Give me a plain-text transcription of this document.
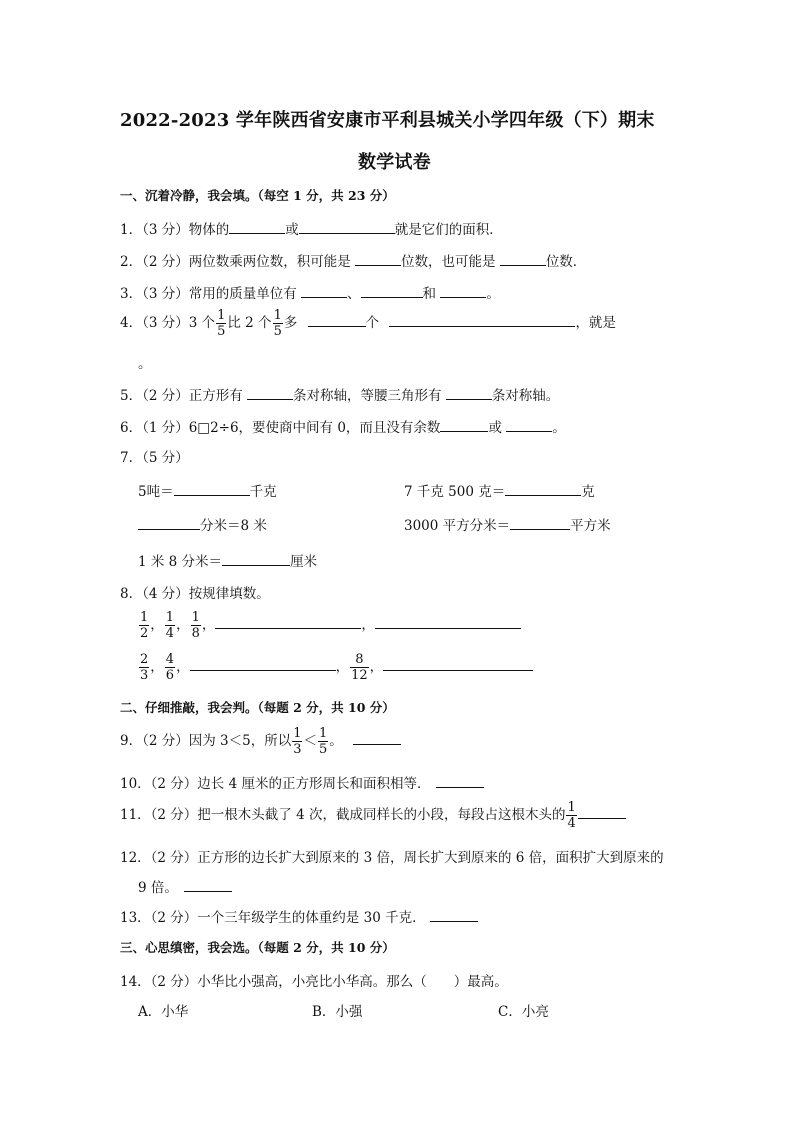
2022-2023 学年陕西省安康市平利县城关小学四年级（下）期末
数学试卷
一、沉着冷静，我会填。（每空 1 分，共 23 分）
1．（3 分）物体的	或	就是它们的面积．
2．（2 分）两位数乘两位数，积可能是	位数，也可能是	位数．
3．（3 分）常用的质量单位有	、	和	。
4．（3 分）3 个 $\frac{1}{5}$ 比 2 个 $\frac{1}{5}$ 多	个	，就是
。
5．（2 分）正方形有	条对称轴，等腰三角形有	条对称轴。
6．（1 分）6□2÷6，要使商中间有 0，而且没有余数	或	。
7．（5 分）
5吨＝	千克	7 千克 500 克＝	克
分米＝8 米	3000 平方分米＝	平方米
1 米 8 分米＝	厘米
8．（4 分）按规律填数。
$\frac{1}{2}$ ， $\frac{1}{4}$ ， $\frac{1}{8}$ ，	，
$\frac{2}{3}$ ， $\frac{4}{6}$ ，	， $\frac{8}{12}$ ，
二、仔细推敲，我会判。（每题 2 分，共 10 分）
9．（2 分）因为 3＜5，所以 $\frac{1}{3} < \frac{1}{5}$ 。
10．（2 分）边长 4 厘米的正方形周长和面积相等．
11．（2 分）把一根木头截了 4 次，截成同样长的小段，每段占这根木头的 $\frac{1}{4}$
12．（2 分）正方形的边长扩大到原来的 3 倍，周长扩大到原来的 6 倍，面积扩大到原来的
9 倍。
13．（2 分）一个三年级学生的体重约是 30 千克．
三、心思缜密，我会选。（每题 2 分，共 10 分）
14．（2 分）小华比小强高，小亮比小华高。那么（　　）最高。
A．小华	B．小强	C．小亮
